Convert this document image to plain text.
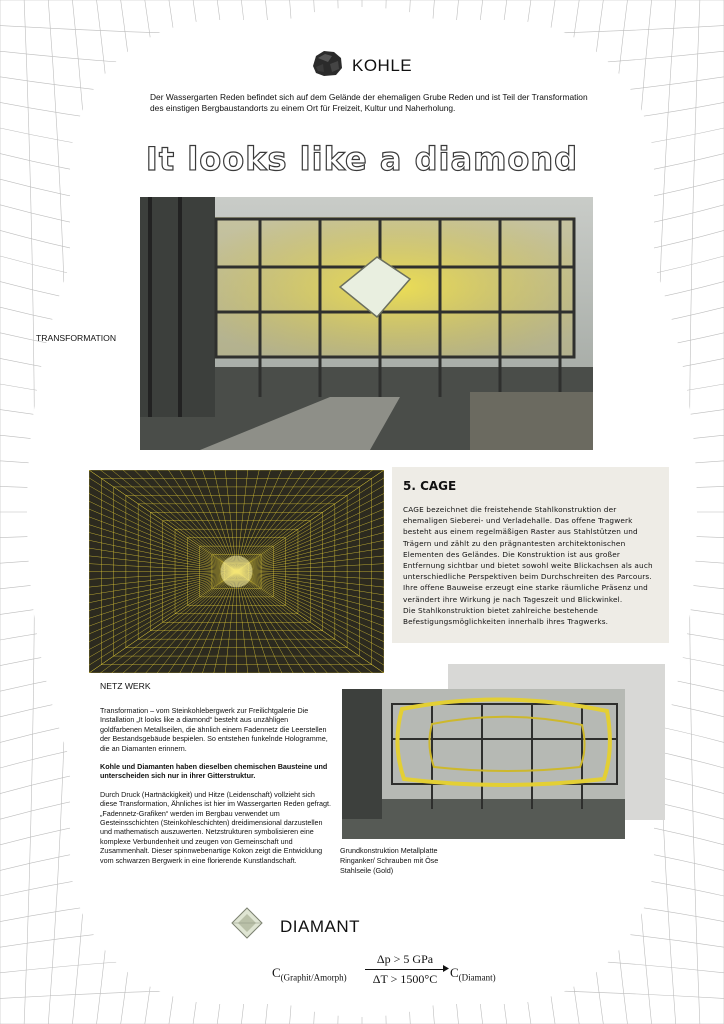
KOHLE
Der Wassergarten Reden befindet sich auf dem Gelände der ehemaligen Grube Reden und ist Teil der Transformation des einstigen Bergbaustandorts zu einem Ort für Freizeit, Kultur und Naherholung.
It looks like a diamond
TRANSFORMATION
NETZ WERK
5. CAGE
CAGE bezeichnet die freistehende Stahlkonstruktion der ehemaligen Sieberei- und Verladehalle. Das offene Tragwerk besteht aus einem regelmäßigen Raster aus Stahlstützen und Trägern und zählt zu den prägnantesten architektonischen Elementen des Geländes. Die Konstruktion ist aus großer Entfernung sichtbar und bietet sowohl weite Blickachsen als auch unterschiedliche Perspektiven beim Durchschreiten des Parcours. Ihre offene Bauweise erzeugt eine starke räumliche Präsenz und verändert ihre Wirkung je nach Tageszeit und Blickwinkel.
Die Stahlkonstruktion bietet zahlreiche bestehende Befestigungsmöglichkeiten innerhalb ihres Tragwerks.

Transformation – vom Steinkohlebergwerk zur Freilichtgalerie Die Installation „It looks like a diamond“ besteht aus unzähligen goldfarbenen Metallseilen, die ähnlich einem Fadennetz die Leerstellen der Bestandsgebäude bespielen. So entstehen funkelnde Hologramme, die an Diamanten erinnern.

Kohle und Diamanten haben dieselben chemischen Bausteine und unterscheiden sich nur in ihrer Gitterstruktur.

Durch Druck (Hartnäckigkeit) und Hitze (Leidenschaft) vollzieht sich diese Transformation, Ähnliches ist hier im Wassergarten Reden gefragt. „Fadennetz-Grafiken“ werden im Bergbau verwendet um Gesteinsschichten (Steinkohleschichten) dreidimensional darzustellen und mathematisch auszuwerten. Netzstrukturen symbolisieren eine komplexe Verbundenheit und zeugen von Gemeinschaft und Zusammenhalt. Dieser spinnwebenartige Kokon zeigt die Entwicklung vom schwarzen Bergwerk in eine florierende Kunstlandschaft.

Grundkonstruktion Metallplatte
Ringanker/ Schrauben mit Öse
Stahlseile (Gold)
DIAMANT
$C_{(Graphit/Amorph)}$
Δp > 5 GPa
ΔT > 1500°C $C_{(Diamant)}$
